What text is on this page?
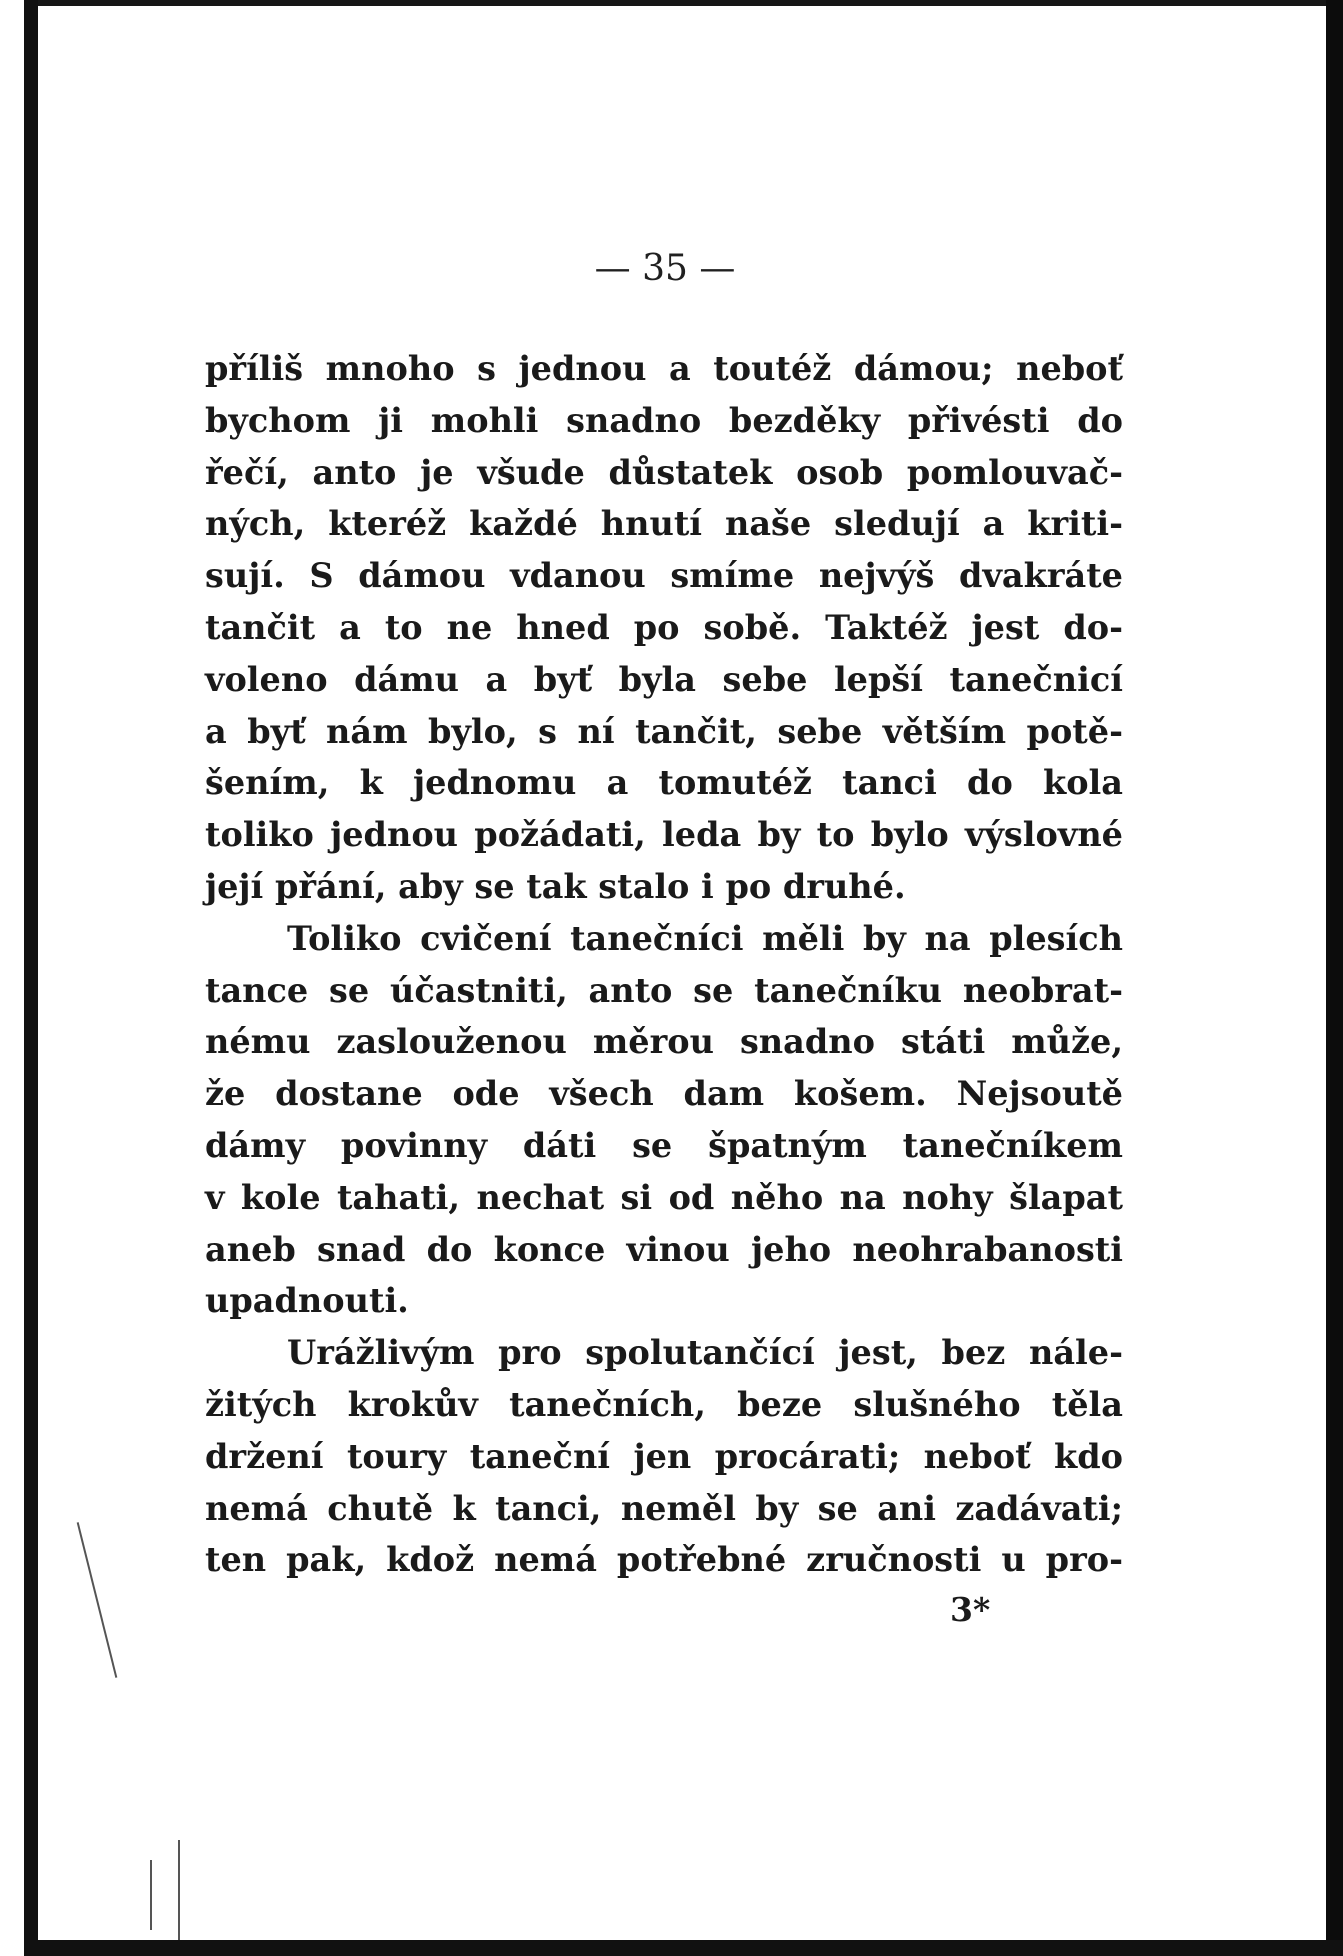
— 35 —
příliš mnoho s jednou a toutéž dámou; neboť
bychom ji mohli snadno bezděky přivésti do
řečí, anto je všude důstatek osob pomlouvač-
ných, kteréž každé hnutí naše sledují a kriti-
sují. S dámou vdanou smíme nejvýš dvakráte
tančit a to ne hned po sobě. Taktéž jest do-
voleno dámu a byť byla sebe lepší tanečnicí
a byť nám bylo, s ní tančit, sebe větším potě-
šením, k jednomu a tomutéž tanci do kola
toliko jednou požádati, leda by to bylo výslovné
její přání, aby se tak stalo i po druhé.
Toliko cvičení tanečníci měli by na plesích
tance se účastniti, anto se tanečníku neobrat-
nému zaslouženou měrou snadno státi může,
že dostane ode všech dam košem. Nejsoutě
dámy povinny dáti se špatným tanečníkem
v kole tahati, nechat si od něho na nohy šlapat
aneb snad do konce vinou jeho neohrabanosti
upadnouti.
Urážlivým pro spolutančící jest, bez nále-
žitých krokův tanečních, beze slušného těla
držení toury taneční jen procárati; neboť kdo
nemá chutě k tanci, neměl by se ani zadávati;
ten pak, kdož nemá potřebné zručnosti u pro-
3*
